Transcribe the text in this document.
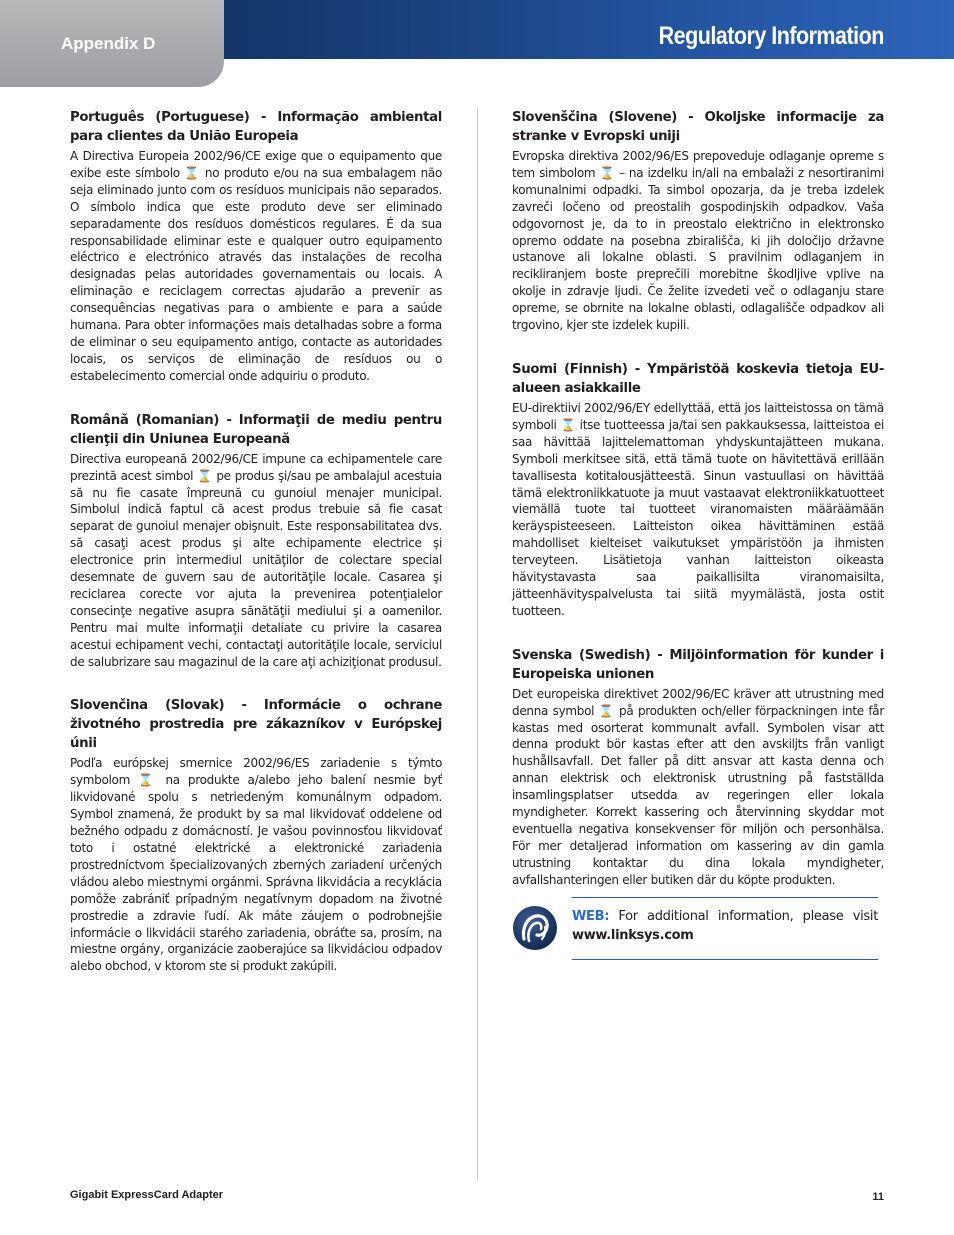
Appendix D	Regulatory Information
Português (Portuguese) - Informação ambiental para clientes da União Europeia

A Directiva Europeia 2002/96/CE exige que o equipamento que exibe este símbolo ⌛ no produto e/ou na sua embalagem não seja eliminado junto com os resíduos municipais não separados. O símbolo indica que este produto deve ser eliminado separadamente dos resíduos domésticos regulares. É da sua responsabilidade eliminar este e qualquer outro equipamento eléctrico e electrónico através das instalações de recolha designadas pelas autoridades governamentais ou locais. A eliminação e reciclagem correctas ajudarão a prevenir as consequências negativas para o ambiente e para a saúde humana. Para obter informações mais detalhadas sobre a forma de eliminar o seu equipamento antigo, contacte as autoridades locais, os serviços de eliminação de resíduos ou o estabelecimento comercial onde adquiriu o produto.

Română (Romanian) - Informaţii de mediu pentru clienţii din Uniunea Europeană

Directiva europeană 2002/96/CE impune ca echipamentele care prezintă acest simbol ⌛ pe produs şi/sau pe ambalajul acestuia să nu fie casate împreună cu gunoiul menajer municipal. Simbolul indică faptul că acest produs trebuie să fie casat separat de gunoiul menajer obişnuit. Este responsabilitatea dvs. să casaţi acest produs şi alte echipamente electrice şi electronice prin intermediul unităţilor de colectare special desemnate de guvern sau de autorităţile locale. Casarea şi reciclarea corecte vor ajuta la prevenirea potenţialelor consecinţe negative asupra sănătăţii mediului şi a oamenilor. Pentru mai multe informaţii detaliate cu privire la casarea acestui echipament vechi, contactaţi autorităţile locale, serviciul de salubrizare sau magazinul de la care aţi achiziţionat produsul.

Slovenčina (Slovak) - Informácie o ochrane životného prostredia pre zákazníkov v Európskej únii

Podľa európskej smernice 2002/96/ES zariadenie s týmto symbolom ⌛ na produkte a/alebo jeho balení nesmie byť likvidované spolu s netriedeným komunálnym odpadom. Symbol znamená, že produkt by sa mal likvidovať oddelene od bežného odpadu z domácností. Je vašou povinnosťou likvidovať toto i ostatné elektrické a elektronické zariadenia prostredníctvom špecializovaných zberných zariadení určených vládou alebo miestnymi orgánmi. Správna likvidácia a recyklácia pomôže zabrániť prípadným negatívnym dopadom na životné prostredie a zdravie ľudí. Ak máte záujem o podrobnejšie informácie o likvidácii starého zariadenia, obráťte sa, prosím, na miestne orgány, organizácie zaoberajúce sa likvidáciou odpadov alebo obchod, v ktorom ste si produkt zakúpili.

Slovenščina (Slovene) - Okoljske informacije za stranke v Evropski uniji

Evropska direktiva 2002/96/ES prepoveduje odlaganje opreme s tem simbolom ⌛ – na izdelku in/ali na embalaži z nesortiranimi komunalnimi odpadki. Ta simbol opozarja, da je treba izdelek zavreči ločeno od preostalih gospodinjskih odpadkov. Vaša odgovornost je, da to in preostalo električno in elektronsko opremo oddate na posebna zbirališča, ki jih določijo državne ustanove ali lokalne oblasti. S pravilnim odlaganjem in recikliranjem boste preprečili morebitne škodljive vplive na okolje in zdravje ljudi. Če želite izvedeti več o odlaganju stare opreme, se obrnite na lokalne oblasti, odlagališče odpadkov ali trgovino, kjer ste izdelek kupili.

Suomi (Finnish) - Ympäristöä koskevia tietoja EU-alueen asiakkaille

EU-direktiivi 2002/96/EY edellyttää, että jos laitteistossa on tämä symboli ⌛ itse tuotteessa ja/tai sen pakkauksessa, laitteistoa ei saa hävittää lajittelemattoman yhdyskuntajätteen mukana. Symboli merkitsee sitä, että tämä tuote on hävitettävä erillään tavallisesta kotitalousjätteestä. Sinun vastuullasi on hävittää tämä elektroniikkatuote ja muut vastaavat elektroniikkatuotteet viemällä tuote tai tuotteet viranomaisten määräämään keräyspisteeseen. Laitteiston oikea hävittäminen estää mahdolliset kielteiset vaikutukset ympäristöön ja ihmisten terveyteen. Lisätietoja vanhan laitteiston oikeasta hävitystavasta saa paikallisilta viranomaisilta, jätteenhävityspalvelusta tai siitä myymälästä, josta ostit tuotteen.

Svenska (Swedish) - Miljöinformation för kunder i Europeiska unionen

Det europeiska direktivet 2002/96/EC kräver att utrustning med denna symbol ⌛ på produkten och/eller förpackningen inte får kastas med osorterat kommunalt avfall. Symbolen visar att denna produkt bör kastas efter att den avskiljts från vanligt hushållsavfall. Det faller på ditt ansvar att kasta denna och annan elektrisk och elektronisk utrustning på fastställda insamlingsplatser utsedda av regeringen eller lokala myndigheter. Korrekt kassering och återvinning skyddar mot eventuella negativa konsekvenser för miljön och personhälsa. För mer detaljerad information om kassering av din gamla utrustning kontaktar du dina lokala myndigheter, avfallshanteringen eller butiken där du köpte produkten.

WEB: For additional information, please visit www.linksys.com
Gigabit ExpressCard Adapter	11
